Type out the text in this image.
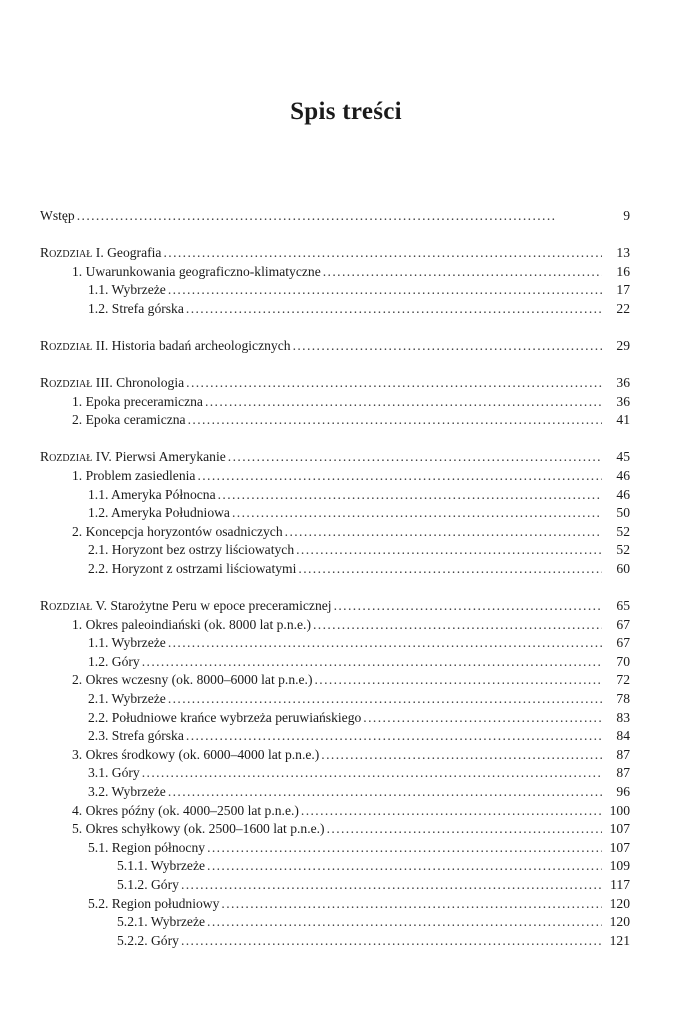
Spis treści
Wstęp . . .	9
Rozdział I. Geografia . . .	13
1. Uwarunkowania geograficzno-klimatyczne . . .	16
1.1. Wybrzeże . . .	17
1.2. Strefa górska . . .	22
Rozdział II. Historia badań archeologicznych . . .	29
Rozdział III. Chronologia . . .	36
1. Epoka preceramiczna . . .	36
2. Epoka ceramiczna . . .	41
Rozdział IV. Pierwsi Amerykanie . . .	45
1. Problem zasiedlenia . . .	46
1.1. Ameryka Północna . . .	46
1.2. Ameryka Południowa . . .	50
2. Koncepcja horyzontów osadniczych . . .	52
2.1. Horyzont bez ostrzy liściowatych . . .	52
2.2. Horyzont z ostrzami liściowatymi . . .	60
Rozdział V. Starożytne Peru w epoce preceramicznej . . .	65
1. Okres paleoindiański (ok. 8000 lat p.n.e.) . . .	67
1.1. Wybrzeże . . .	67
1.2. Góry . . .	70
2. Okres wczesny (ok. 8000–6000 lat p.n.e.) . . .	72
2.1. Wybrzeże . . .	78
2.2. Południowe krańce wybrzeża peruwiańskiego . . .	83
2.3. Strefa górska . . .	84
3. Okres środkowy (ok. 6000–4000 lat p.n.e.) . . .	87
3.1. Góry . . .	87
3.2. Wybrzeże . . .	96
4. Okres późny (ok. 4000–2500 lat p.n.e.) . . .	100
5. Okres schyłkowy (ok. 2500–1600 lat p.n.e.) . . .	107
5.1. Region północny . . .	107
5.1.1. Wybrzeże . . .	109
5.1.2. Góry . . .	117
5.2. Region południowy . . .	120
5.2.1. Wybrzeże . . .	120
5.2.2. Góry . . .	121
